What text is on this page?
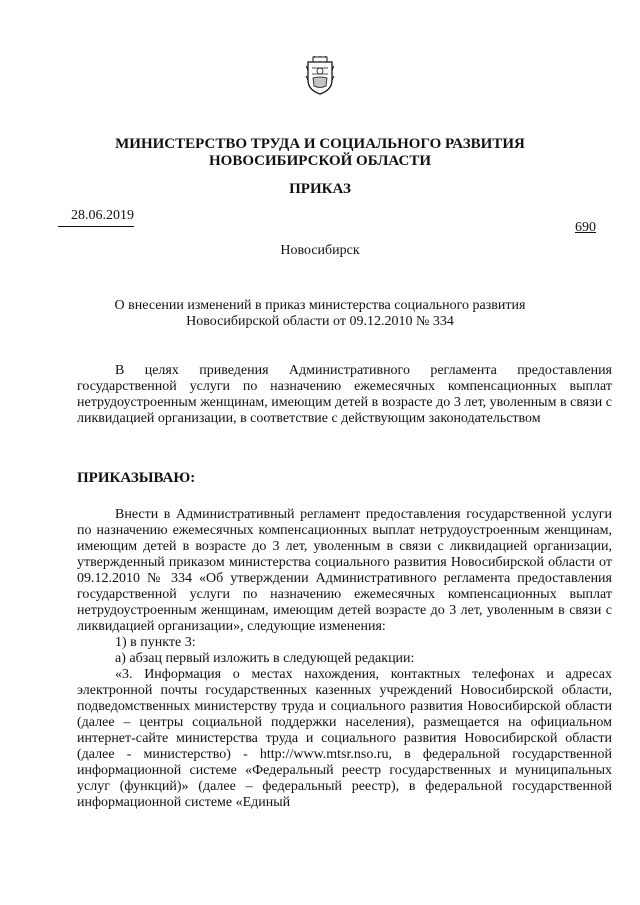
МИНИСТЕРСТВО ТРУДА И СОЦИАЛЬНОГО РАЗВИТИЯ
НОВОСИБИРСКОЙ ОБЛАСТИ
ПРИКАЗ
28.06.2019
690
Новосибирск
О внесении изменений в приказ министерства социального развития
Новосибирской области от 09.12.2010 № 334

В целях приведения Административного регламента предоставления государственной услуги по назначению ежемесячных компенсационных выплат нетрудоустроенным женщинам, имеющим детей в возрасте до 3 лет, уволенным в связи с ликвидацией организации, в соответствие с действующим законодательством

ПРИКАЗЫВАЮ:

Внести в Административный регламент предоставления государственной услуги по назначению ежемесячных компенсационных выплат нетрудоустроенным женщинам, имеющим детей в возрасте до 3 лет, уволенным в связи с ликвидацией организации, утвержденный приказом министерства социального развития Новосибирской области от 09.12.2010 № 334 «Об утверждении Административного регламента предоставления государственной услуги по назначению ежемесячных компенсационных выплат нетрудоустроенным женщинам, имеющим детей возрасте до 3 лет, уволенным в связи с ликвидацией организации», следующие изменения:

1) в пункте 3:

а) абзац первый изложить в следующей редакции:

«3. Информация о местах нахождения, контактных телефонах и адресах электронной почты государственных казенных учреждений Новосибирской области, подведомственных министерству труда и социального развития Новосибирской области (далее – центры социальной поддержки населения), размещается на официальном интернет-сайте министерства труда и социального развития Новосибирской области (далее - министерство) - http://www.mtsr.nso.ru, в федеральной государственной информационной системе «Федеральный реестр государственных и муниципальных услуг (функций)» (далее – федеральный реестр), в федеральной государственной информационной системе «Единый
